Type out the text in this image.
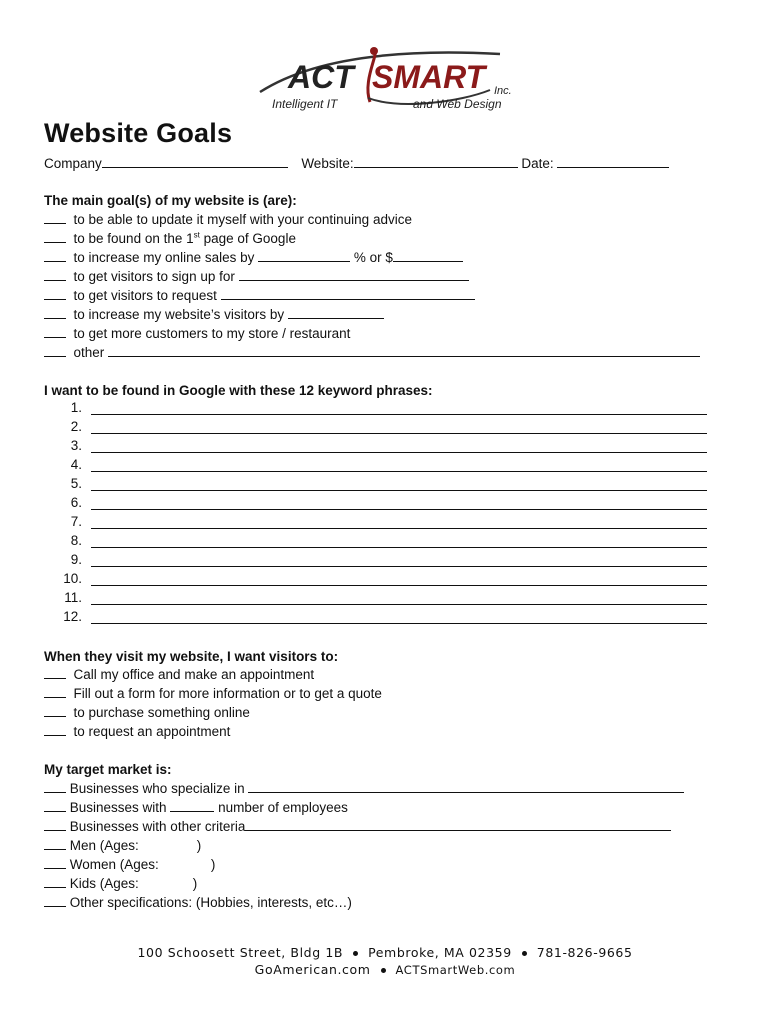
ACT SMART Inc.
Intelligent IT	and Web Design
Website Goals
Company	Website:	Date:
The main goal(s) of my website is (are):
to be able to update it myself with your continuing advice
to be found on the 1st page of Google
to increase my online sales by	% or $
to get visitors to sign up for
to get visitors to request
to increase my website’s visitors by
to get more customers to my store / restaurant
other
I want to be found in Google with these 12 keyword phrases:
1.
2.
3.
4.
5.
6.
7.
8.
9.
10.
11.
12.
When they visit my website, I want visitors to:
Call my office and make an appointment
Fill out a form for more information or to get a quote
to purchase something online
to request an appointment
My target market is:
Businesses who specialize in
Businesses with	number of employees
Businesses with other criteria
Men (Ages:	)
Women (Ages:	)
Kids (Ages:	)
Other specifications: (Hobbies, interests, etc…)
100 Schoosett Street, Bldg 1B Pembroke, MA 02359 781-826-9665
GoAmerican.com ACTSmartWeb.com
